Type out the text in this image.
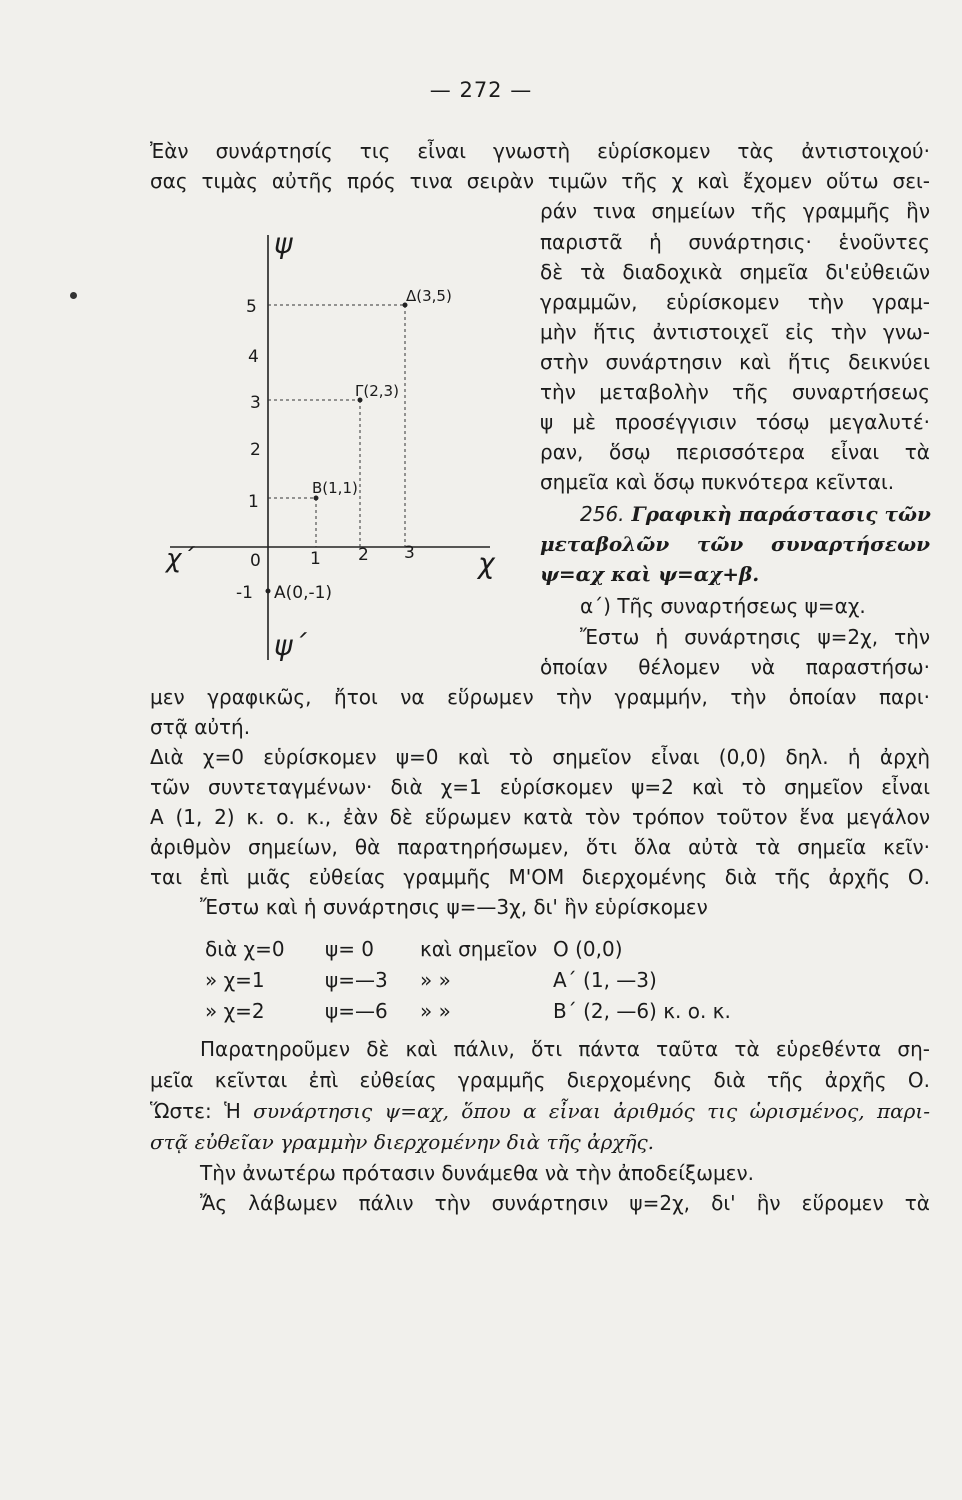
— 272 —
Ἐὰν συνάρτησίς τις εἶναι γνωστὴ εὑρίσκομεν τὰς ἀντιστοιχού·
σας τιμὰς αὐτῆς πρός τινα σειρὰν τιμῶν τῆς χ καὶ ἔχομεν οὕτω σει-
ράν τινα σημείων τῆς γραμμῆς ἣν
παριστᾶ ἡ συνάρτησις· ἑνοῦντες
δὲ τὰ διαδοχικὰ σημεῖα δι'εὐθειῶν
γραμμῶν, εὑρίσκομεν τὴν γραμ-
μὴν ἥτις ἀντιστοιχεῖ εἰς τὴν γνω-
στὴν συνάρτησιν καὶ ἥτις δεικνύει
τὴν μεταβολὴν τῆς συναρτήσεως
ψ μὲ προσέγγισιν τόσῳ μεγαλυτέ·
ραν, ὅσῳ περισσότερα εἶναι τὰ
σημεῖα καὶ ὅσῳ πυκνότερα κεῖνται.
256. Γραφικὴ παράστασις τῶν
μεταβολῶν τῶν συναρτήσεων
ψ=αχ καὶ ψ=αχ+β.
α΄) Τῆς συναρτήσεως ψ=αχ.
Ἔστω ἡ συνάρτησις ψ=2χ, τὴν
ὁποίαν θέλομεν νὰ παραστήσω·
μεν γραφικῶς, ἤτοι να εὕρωμεν τὴν γραμμήν, τὴν ὁποίαν παρι·
στᾷ αὐτή.
Διὰ χ=0 εὑρίσκομεν ψ=0 καὶ τὸ σημεῖον εἶναι (0,0) δηλ. ἡ ἀρχὴ
τῶν συντεταγμένων· διὰ χ=1 εὑρίσκομεν ψ=2 καὶ τὸ σημεῖον εἶναι
Α (1, 2) κ. ο. κ., ἐὰν δὲ εὕρωμεν κατὰ τὸν τρόπον τοῦτον ἕνα μεγάλον
ἀριθμὸν σημείων, θὰ παρατηρήσωμεν, ὅτι ὅλα αὐτὰ τὰ σημεῖα κεῖν·
ται ἐπὶ μιᾶς εὐθείας γραμμῆς Μ'ΟΜ διερχομένης διὰ τῆς ἀρχῆς Ο.
Ἔστω καὶ ἡ συνάρτησις ψ=—3χ, δι' ἣν εὑρίσκομεν
διὰ χ=0 ψ= 0 καὶ σημεῖον Ο (0,0)
» χ=1	ψ=—3 » »	Α΄ (1, —3)
» χ=2	ψ=—6 » »	Β΄ (2, —6) κ. ο. κ.
Παρατηροῦμεν δὲ καὶ πάλιν, ὅτι πάντα ταῦτα τὰ εὑρεθέντα ση-
μεῖα κεῖνται ἐπὶ εὐθείας γραμμῆς διερχομένης διὰ τῆς ἀρχῆς Ο.
Ὥστε: Ἡ συνάρτησις ψ=αχ, ὅπου α εἶναι ἀριθμός τις ὡρισμένος, παρι-
στᾷ εὐθεῖαν γραμμὴν διερχομένην διὰ τῆς ἀρχῆς.
Τὴν ἀνωτέρω πρότασιν δυνάμεθα νὰ τὴν ἀποδείξωμεν.
Ἄς λάβωμεν πάλιν τὴν συνάρτησιν ψ=2χ, δι' ἣν εὕρομεν τὰ
ψ
ψ΄
χ
χ΄
1
2
3
4
5
-1
0	1 2 3
Δ(3,5)
Γ(2,3)
Β(1,1)
Α(0,-1)
